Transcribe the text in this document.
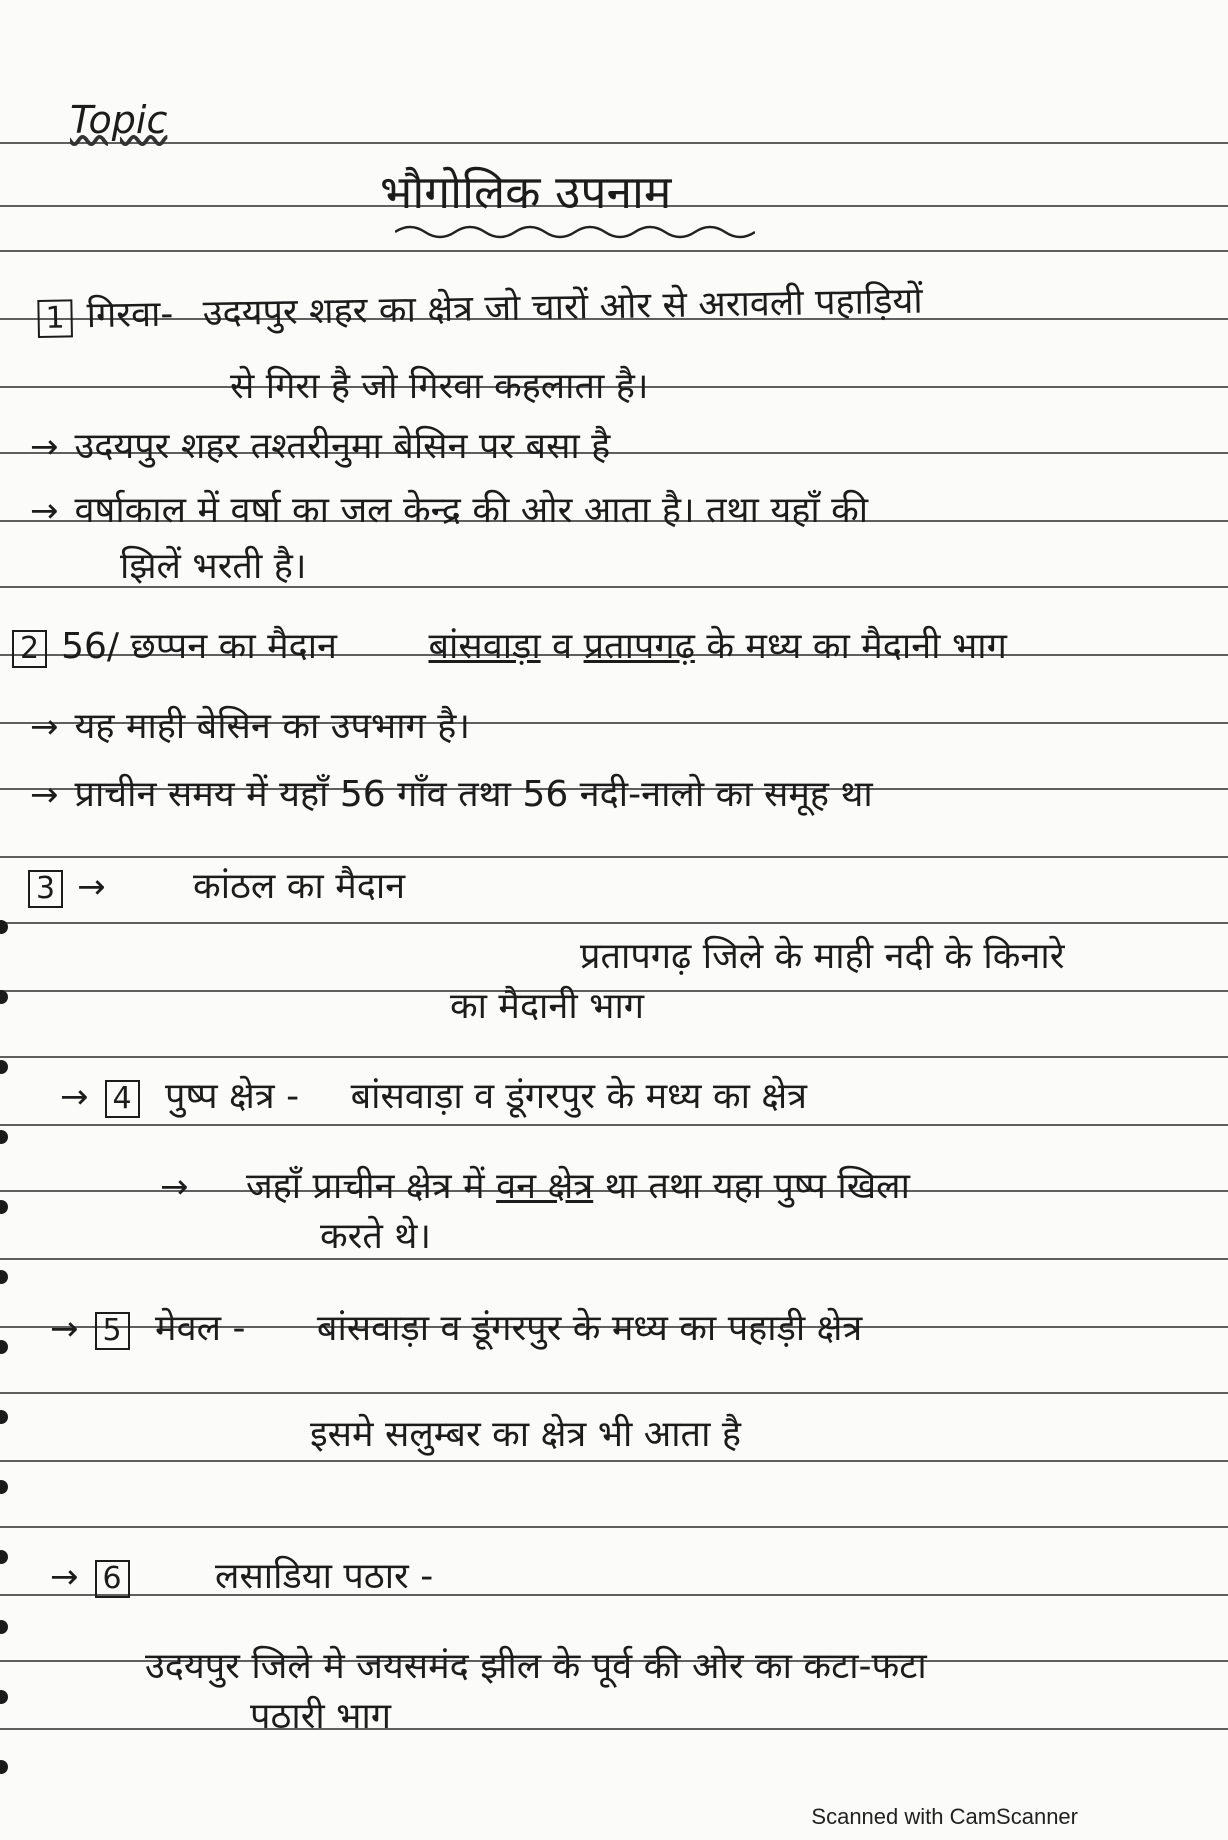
Topic
भौगोलिक उपनाम
1 गिरवा- उदयपुर शहर का क्षेत्र जो चारों ओर से अरावली पहाड़ियों
से गिरा है जो गिरवा कहलाता है।
→ उदयपुर शहर तश्तरीनुमा बेसिन पर बसा है
→ वर्षाकाल में वर्षा का जल केन्द्र की ओर आता है। तथा यहाँ की
झिलें भरती है।
2 56/ छप्पन का मैदान	बांसवाड़ा व प्रतापगढ़ के मध्य का मैदानी भाग
→ यह माही बेसिन का उपभाग है।
→ प्राचीन समय में यहाँ 56 गाँव तथा 56 नदी-नालो का समूह था
3 → कांठल का मैदान
प्रतापगढ़ जिले के माही नदी के किनारे
का मैदानी भाग
→ 4 पुष्प क्षेत्र - बांसवाड़ा व डूंगरपुर के मध्य का क्षेत्र
→ जहाँ प्राचीन क्षेत्र में वन क्षेत्र था तथा यहा पुष्प खिला
करते थे।
→ 5 मेवल - बांसवाड़ा व डूंगरपुर के मध्य का पहाड़ी क्षेत्र
इसमे सलुम्बर का क्षेत्र भी आता है
→ 6	लसाडिया पठार -
उदयपुर जिले मे जयसमंद झील के पूर्व की ओर का कटा-फटा
पठारी भाग
Scanned with CamScanner
